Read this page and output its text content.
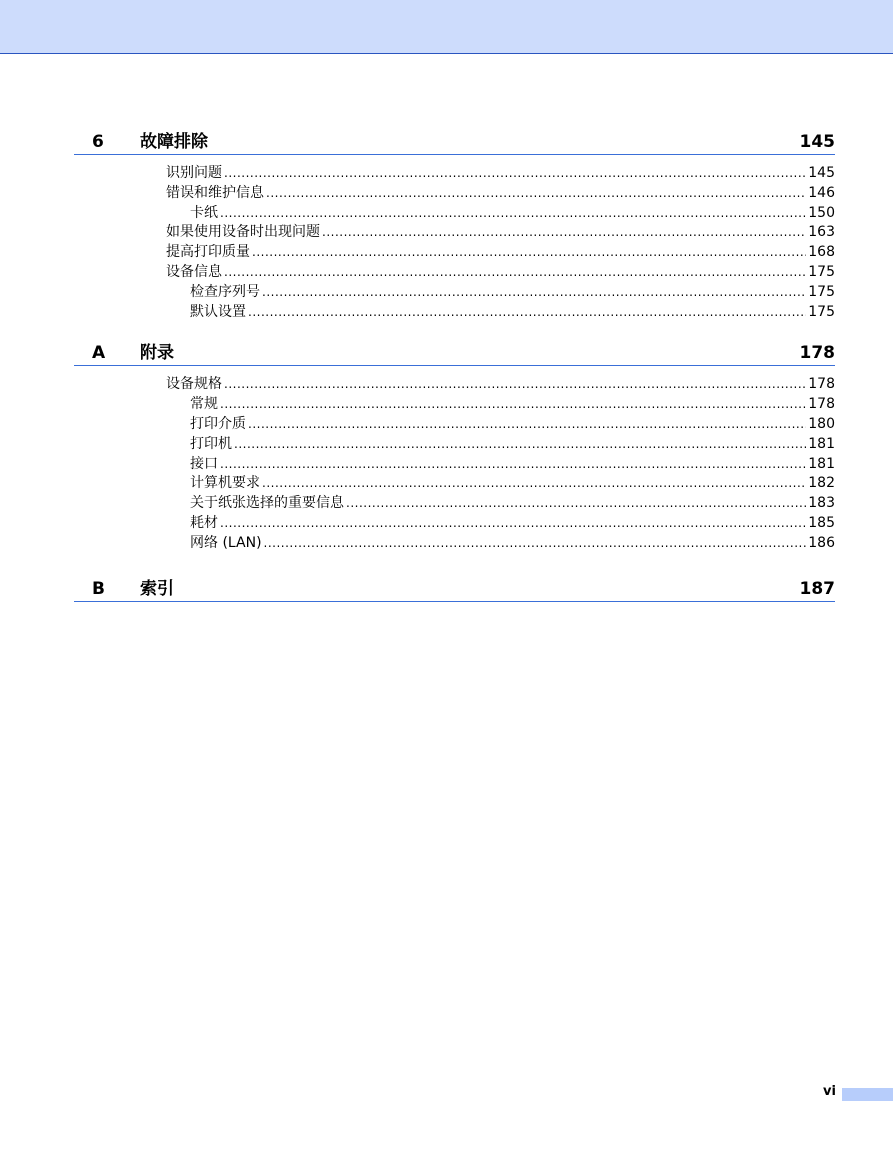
6 故障排除	145
识别问题 .....	145
错误和维护信息 .....	146
卡纸 .....	150
如果使用设备时出现问题 .....	163
提高打印质量 .....	168
设备信息 .....	175
检查序列号 .....	175
默认设置 .....	175
A 附录	178
设备规格 .....	178
常规 .....	178
打印介质 .....	180
打印机 .....	181
接口 .....	181
计算机要求 .....	182
关于纸张选择的重要信息 .....	183
耗材 .....	185
网络 (LAN) .....	186
B 索引	187
vi
